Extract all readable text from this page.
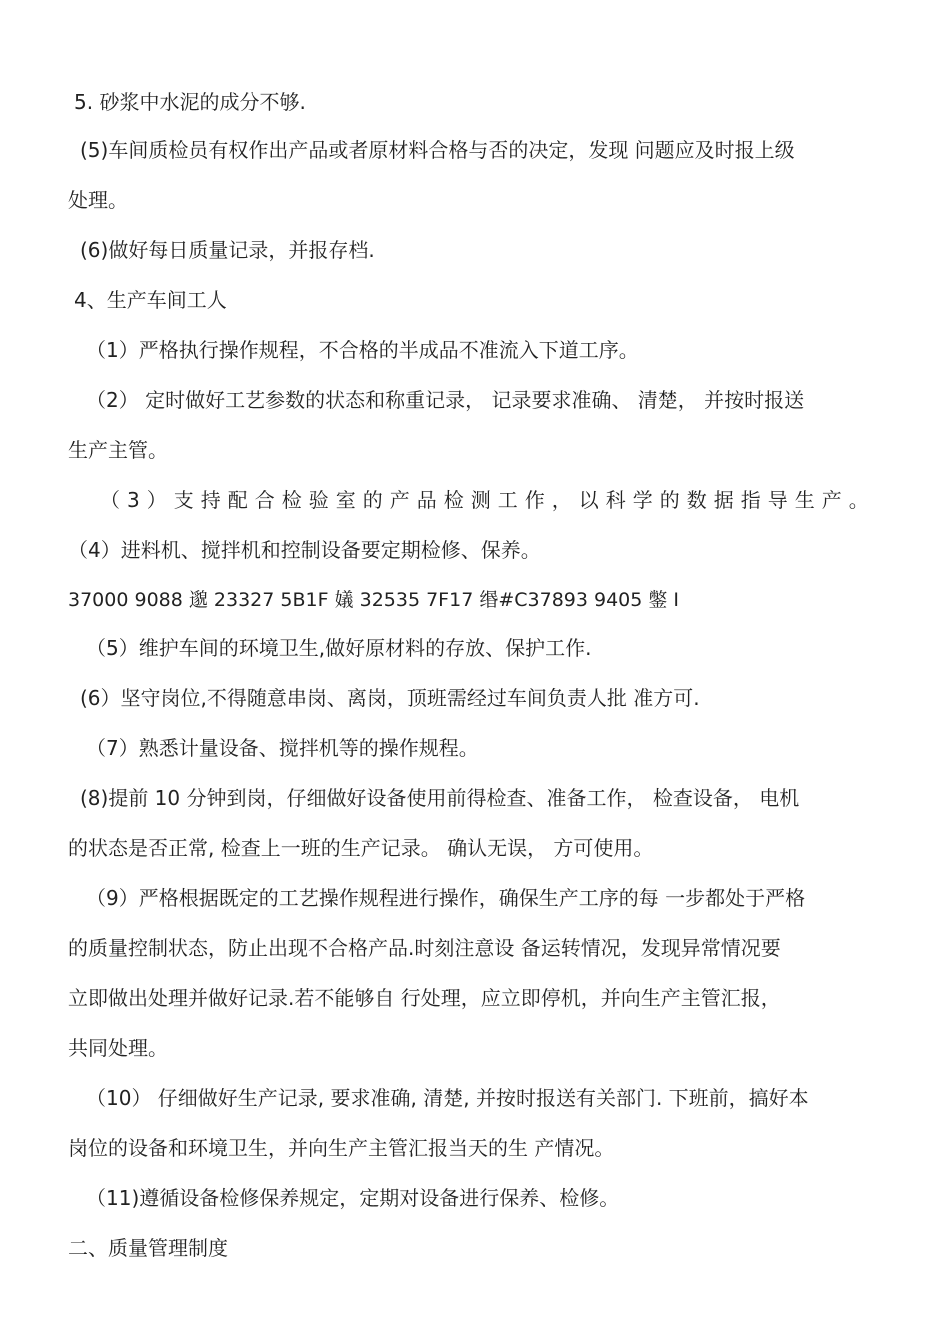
5. 砂浆中水泥的成分不够.
(5)车间质检员有权作出产品或者原材料合格与否的决定，发现 问题应及时报上级
处理。
(6)做好每日质量记录，并报存档.
4、生产车间工人
（1）严格执行操作规程，不合格的半成品不准流入下道工序。
（2） 定时做好工艺参数的状态和称重记录， 记录要求准确、 清楚， 并按时报送
生产主管。
（3）支持配合检验室的产品检测工作，以科学的数据指导生产。
（4）进料机、搅拌机和控制设备要定期检修、保养。
37000 9088 邈 23327 5B1F 嬟 32535 7F17 缗#C37893 9405 鐅 I
（5）维护车间的环境卫生,做好原材料的存放、保护工作.
(6）坚守岗位,不得随意串岗、离岗，顶班需经过车间负责人批 准方可.
（7）熟悉计量设备、搅拌机等的操作规程。
(8)提前 10 分钟到岗，仔细做好设备使用前得检查、准备工作， 检查设备， 电机
的状态是否正常, 检查上一班的生产记录。 确认无误， 方可使用。
（9）严格根据既定的工艺操作规程进行操作，确保生产工序的每 一步都处于严格
的质量控制状态，防止出现不合格产品.时刻注意设 备运转情况，发现异常情况要
立即做出处理并做好记录.若不能够自 行处理，应立即停机，并向生产主管汇报，
共同处理。
（10） 仔细做好生产记录, 要求准确, 清楚, 并按时报送有关部门. 下班前，搞好本
岗位的设备和环境卫生，并向生产主管汇报当天的生 产情况。
（11)遵循设备检修保养规定，定期对设备进行保养、检修。
二、质量管理制度
